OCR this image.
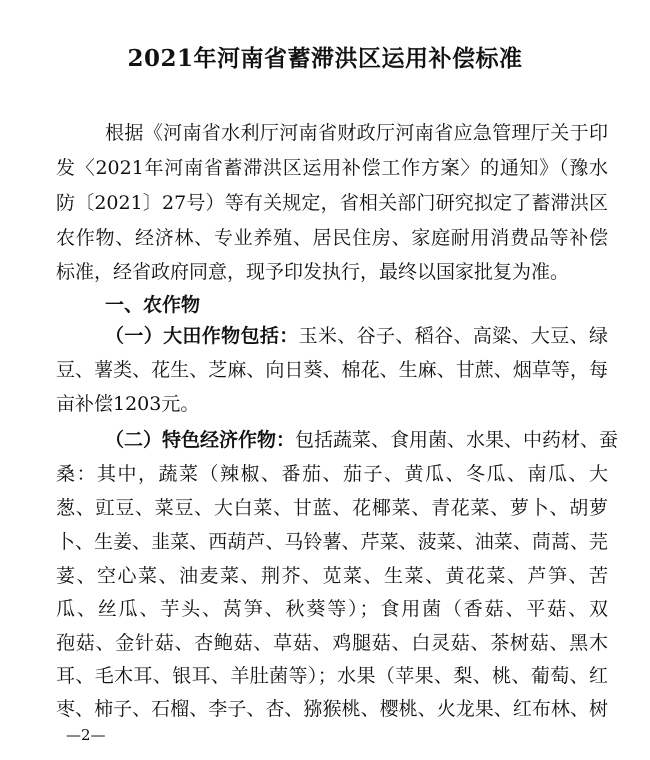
2021年河南省蓄滞洪区运用补偿标准
根据《河南省水利厅河南省财政厅河南省应急管理厅关于印
发〈2021年河南省蓄滞洪区运用补偿工作方案〉的通知》（豫水
防〔2021〕27号）等有关规定，省相关部门研究拟定了蓄滞洪区
农作物、经济林、专业养殖、居民住房、家庭耐用消费品等补偿
标准，经省政府同意，现予印发执行，最终以国家批复为准。
一、农作物
（一）大田作物包括：玉米、谷子、稻谷、高粱、大豆、绿
豆、薯类、花生、芝麻、向日葵、棉花、生麻、甘蔗、烟草等，每
亩补偿1203元。
（二）特色经济作物：包括蔬菜、食用菌、水果、中药材、蚕
桑：其中，蔬菜（辣椒、番茄、茄子、黄瓜、冬瓜、南瓜、大
葱、豇豆、菜豆、大白菜、甘蓝、花椰菜、青花菜、萝卜、胡萝
卜、生姜、韭菜、西葫芦、马铃薯、芹菜、菠菜、油菜、茼蒿、芫
荽、空心菜、油麦菜、荆芥、苋菜、生菜、黄花菜、芦笋、苦
瓜、丝瓜、芋头、莴笋、秋葵等）；食用菌（香菇、平菇、双
孢菇、金针菇、杏鲍菇、草菇、鸡腿菇、白灵菇、茶树菇、黑木
耳、毛木耳、银耳、羊肚菌等）；水果（苹果、梨、桃、葡萄、红
枣、柿子、石榴、李子、杏、猕猴桃、樱桃、火龙果、红布林、树
—2—
